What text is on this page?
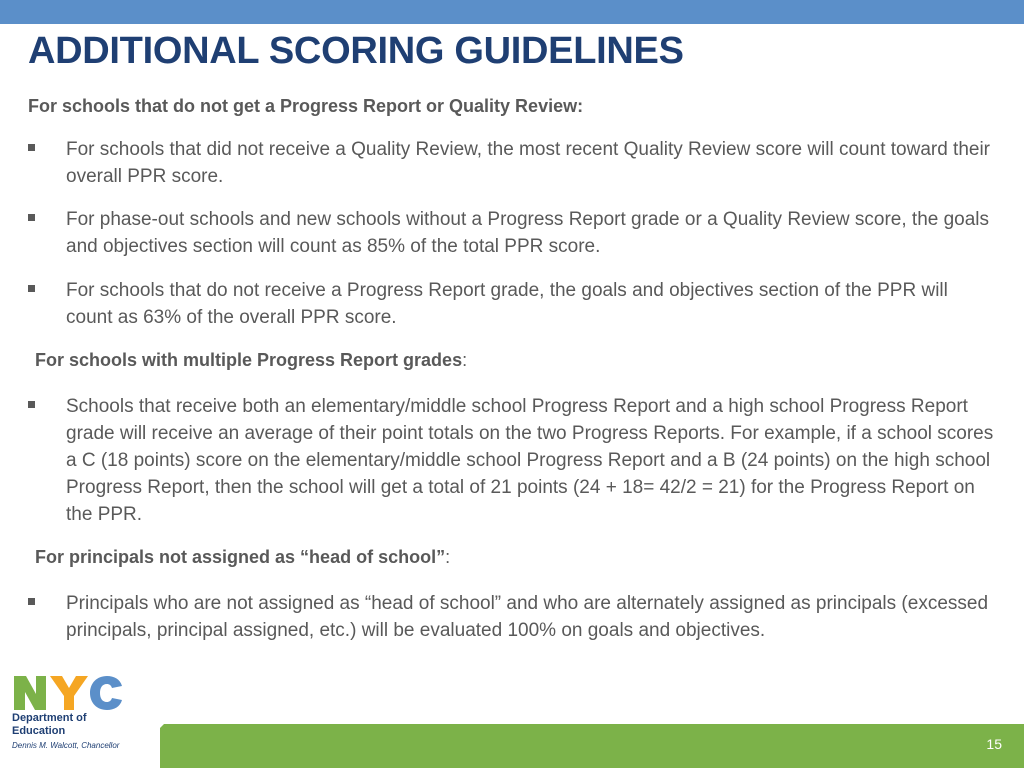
ADDITIONAL SCORING GUIDELINES
For schools that do not get a Progress Report or Quality Review:
For schools that did not receive a Quality Review, the most recent Quality Review score will count toward their overall PPR score.
For phase-out schools and new schools without a Progress Report grade or a Quality Review score, the goals and objectives section will count as 85% of the total PPR score.
For schools that do not receive a Progress Report grade, the goals and objectives section of the PPR will count as 63% of the overall PPR score.
For schools with multiple Progress Report grades:
Schools that receive both an elementary/middle school Progress Report and a high school Progress Report grade will receive an average of their point totals on the two Progress Reports. For example, if a school scores a C (18 points) score on the elementary/middle school Progress Report and a B (24 points) on the high school Progress Report, then the school will get a total of 21 points (24 + 18= 42/2 = 21) for the Progress Report on the PPR.
For principals not assigned as “head of school”:
Principals who are not assigned as “head of school” and who are alternately assigned as principals (excessed principals, principal assigned, etc.) will be evaluated 100% on goals and objectives.
NYC
Department of
Education
Dennis M. Walcott, Chancellor	15
